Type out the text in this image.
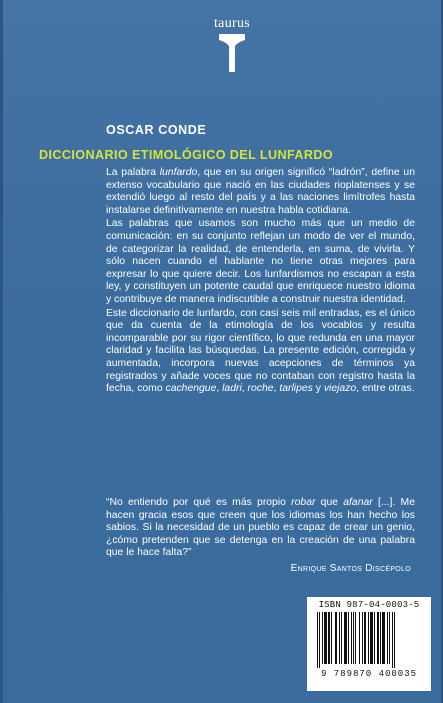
taurus
OSCAR CONDE
DICCIONARIO ETIMOLÓGICO DEL LUNFARDO

La palabra lunfardo, que en su origen significó “ladrón”, define un extenso vocabulario que nació en las ciudades rioplatenses y se extendió luego al resto del país y a las naciones limítrofes hasta instalarse definitivamente en nuestra habla cotidiana.

Las palabras que usamos son mucho más que un medio de comunicación: en su conjunto reflejan un modo de ver el mundo, de categorizar la realidad, de entenderla, en suma, de vivirla. Y sólo nacen cuando el hablante no tiene otras mejores para expresar lo que quiere decir. Los lunfardismos no escapan a esta ley, y constituyen un potente caudal que enriquece nuestro idioma y contribuye de manera indiscutible a construir nuestra identidad.

Este diccionario de lunfardo, con casi seis mil entradas, es el único que da cuenta de la etimología de los vocablos y resulta incomparable por su rigor científico, lo que redunda en una mayor claridad y facilita las búsquedas. La presente edición, corregida y aumentada, incorpora nuevas acepciones de términos ya registrados y añade voces que no contaban con registro hasta la fecha, como cachengue, ladri, roche, tarlipes y viejazo, entre otras.

“No entiendo por qué es más propio robar que afanar [...]. Me hacen gracia esos que creen que los idiomas los han hecho los sabios. Si la necesidad de un pueblo es capaz de crear un genio, ¿cómo pretenden que se detenga en la creación de una palabra que le hace falta?”

Enrique Santos Discépolo
ISBN 987-04-0003-5
9 789870 400035
